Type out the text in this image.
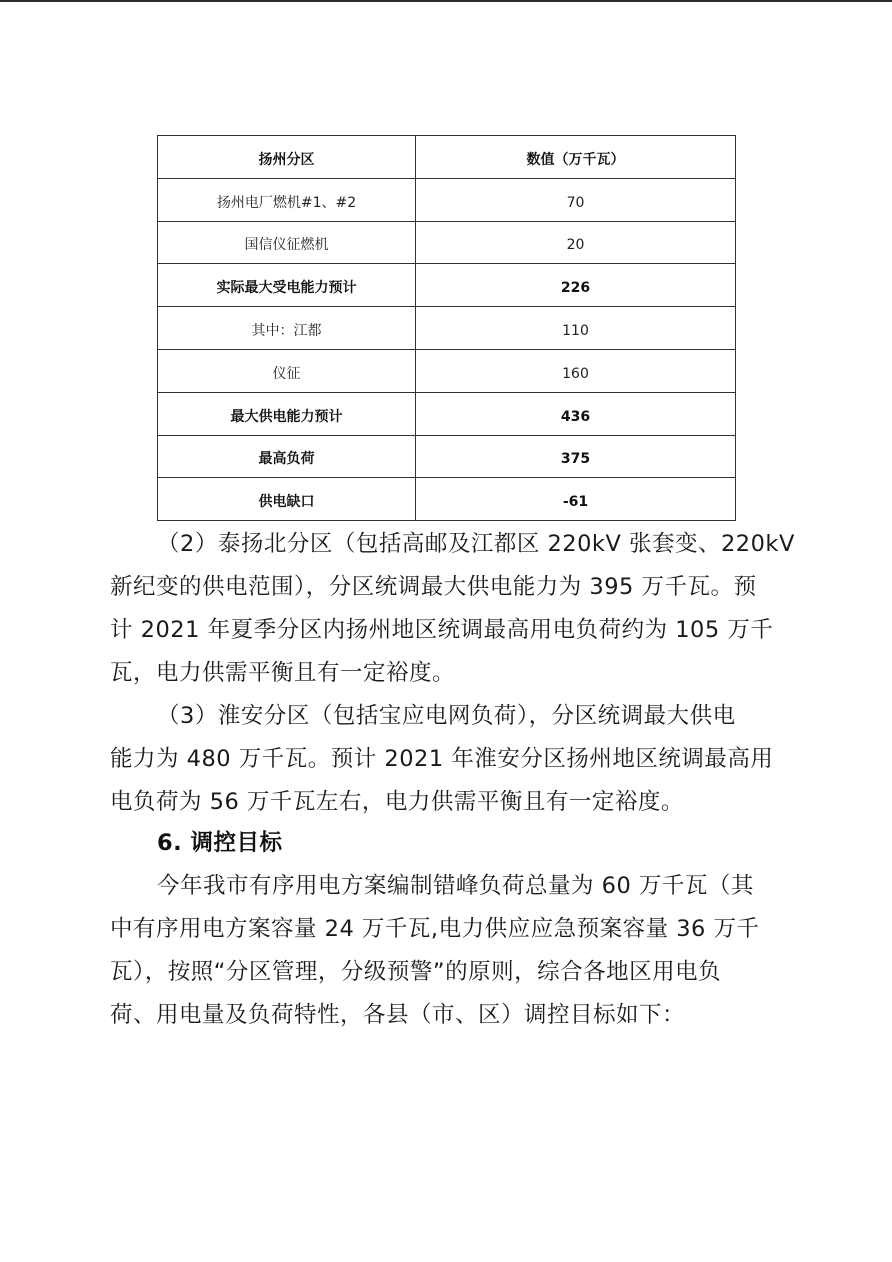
扬州分区	数值（万千瓦）
扬州电厂燃机#1、#2	70
国信仪征燃机	20
实际最大受电能力预计	226
其中：江都	110
仪征	160
最大供电能力预计	436
最高负荷	375
供电缺口	-61
（2）泰扬北分区（包括高邮及江都区 220kV 张套变、220kV
新纪变的供电范围），分区统调最大供电能力为 395 万千瓦。预
计 2021 年夏季分区内扬州地区统调最高用电负荷约为 105 万千
瓦，电力供需平衡且有一定裕度。
（3）淮安分区（包括宝应电网负荷），分区统调最大供电
能力为 480 万千瓦。预计 2021 年淮安分区扬州地区统调最高用
电负荷为 56 万千瓦左右，电力供需平衡且有一定裕度。
6. 调控目标
今年我市有序用电方案编制错峰负荷总量为 60 万千瓦（其
中有序用电方案容量 24 万千瓦,电力供应应急预案容量 36 万千
瓦），按照“分区管理，分级预警”的原则，综合各地区用电负
荷、用电量及负荷特性，各县（市、区）调控目标如下：
